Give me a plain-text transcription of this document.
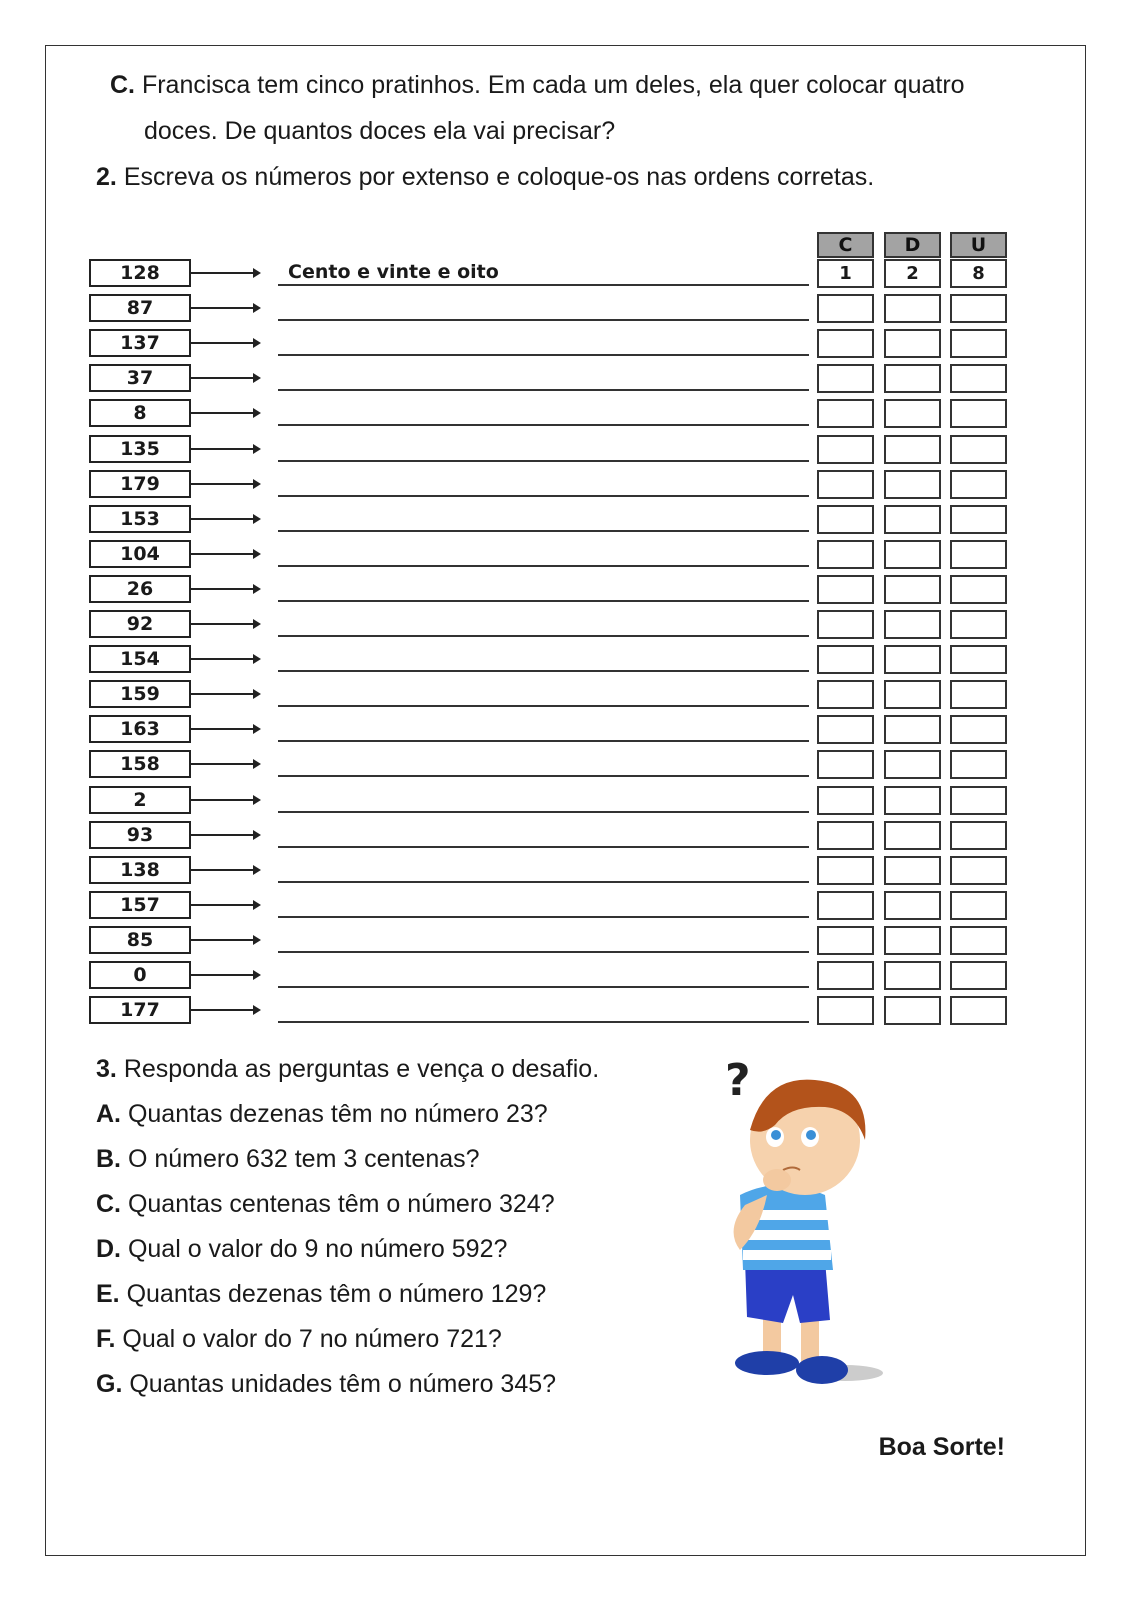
C. Francisca tem cinco pratinhos. Em cada um deles, ela quer colocar quatro
doces. De quantos doces ela vai precisar?
2. Escreva os números por extenso e coloque-os nas ordens corretas.
C	D	U
128	Cento e vinte e oito	1	2	8
87
137
37
8
135
179
153
104
26
92
154
159
163
158
2
93
138
157
85
0
177
3. Responda as perguntas e vença o desafio.
A. Quantas dezenas têm no número 23?
B. O número 632 tem 3 centenas?
C. Quantas centenas têm o número 324?
D. Qual o valor do 9 no número 592?
E. Quantas dezenas têm o número 129?
F. Qual o valor do 7 no número 721?
G. Quantas unidades têm o número 345?
?
Boa Sorte!
